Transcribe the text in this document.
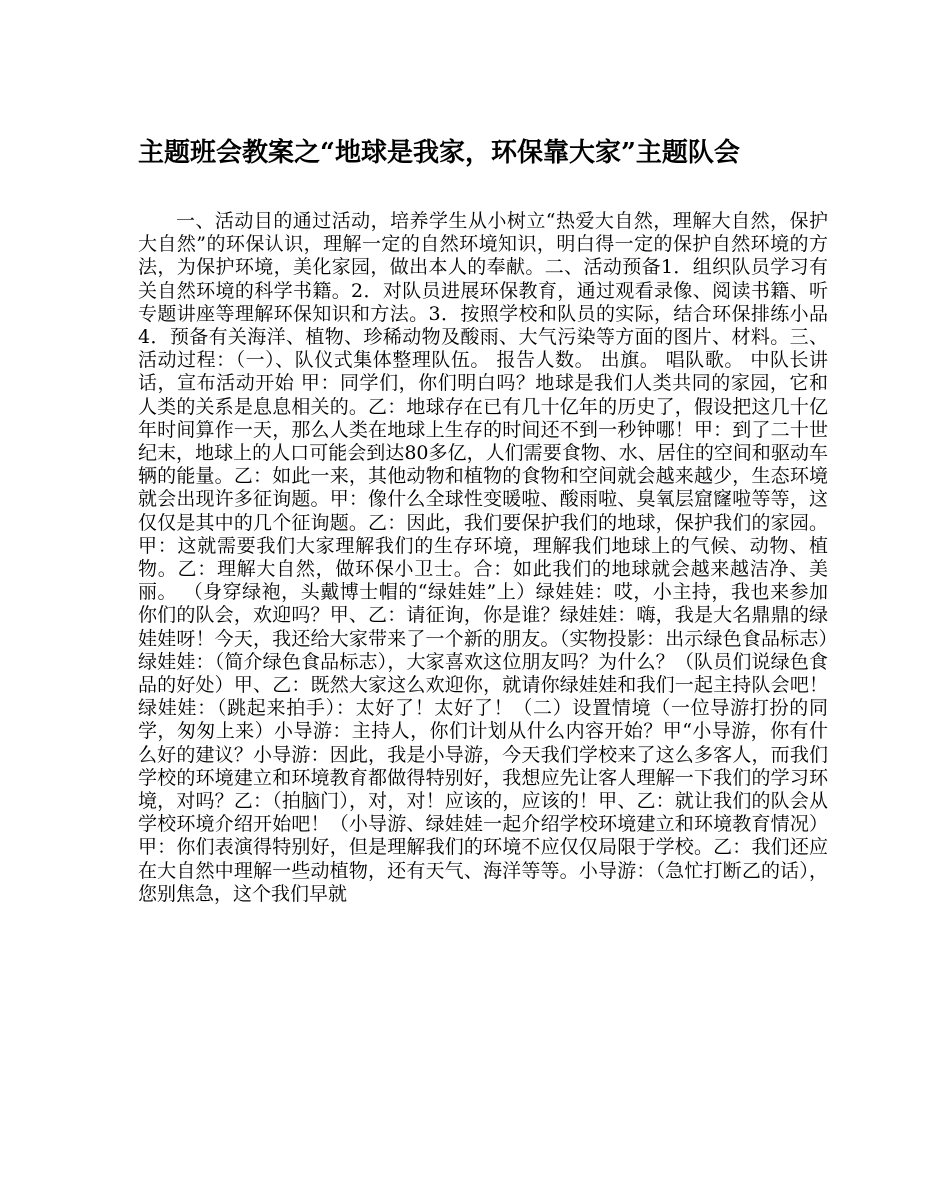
主题班会教案之“地球是我家，环保靠大家”主题队会

一、活动目的通过活动，培养学生从小树立“热爱大自然，理解大自然，保护大自然”的环保认识，理解一定的自然环境知识，明白得一定的保护自然环境的方法，为保护环境，美化家园，做出本人的奉献。二、活动预备1．组织队员学习有关自然环境的科学书籍。2．对队员进展环保教育，通过观看录像、阅读书籍、听专题讲座等理解环保知识和方法。3．按照学校和队员的实际，结合环保排练小品4．预备有关海洋、植物、珍稀动物及酸雨、大气污染等方面的图片、材料。三、活动过程：（一）、队仪式集体整理队伍。 报告人数。 出旗。 唱队歌。 中队长讲话，宣布活动开始 甲：同学们，你们明白吗？地球是我们人类共同的家园，它和人类的关系是息息相关的。乙：地球存在已有几十亿年的历史了，假设把这几十亿年时间算作一天，那么人类在地球上生存的时间还不到一秒钟哪！甲：到了二十世纪末，地球上的人口可能会到达80多亿，人们需要食物、水、居住的空间和驱动车辆的能量。乙：如此一来，其他动物和植物的食物和空间就会越来越少，生态环境就会出现许多征询题。甲：像什么全球性变暖啦、酸雨啦、臭氧层窟窿啦等等，这仅仅是其中的几个征询题。乙：因此，我们要保护我们的地球，保护我们的家园。甲：这就需要我们大家理解我们的生存环境，理解我们地球上的气候、动物、植物。乙：理解大自然，做环保小卫士。合：如此我们的地球就会越来越洁净、美丽。 （身穿绿袍，头戴博士帽的“绿娃娃”上）绿娃娃：哎，小主持，我也来参加你们的队会，欢迎吗？甲、乙：请征询，你是谁？绿娃娃：嗨，我是大名鼎鼎的绿娃娃呀！今天，我还给大家带来了一个新的朋友。（实物投影：出示绿色食品标志）绿娃娃：（简介绿色食品标志），大家喜欢这位朋友吗？为什么？（队员们说绿色食品的好处）甲、乙：既然大家这么欢迎你，就请你绿娃娃和我们一起主持队会吧！绿娃娃：（跳起来拍手）：太好了！太好了！（二）设置情境（一位导游打扮的同学，匆匆上来）小导游：主持人，你们计划从什么内容开始？甲“小导游，你有什么好的建议？小导游：因此，我是小导游，今天我们学校来了这么多客人，而我们学校的环境建立和环境教育都做得特别好，我想应先让客人理解一下我们的学习环境，对吗？乙：（拍脑门），对，对！应该的，应该的！甲、乙：就让我们的队会从学校环境介绍开始吧！（小导游、绿娃娃一起介绍学校环境建立和环境教育情况）甲：你们表演得特别好，但是理解我们的环境不应仅仅局限于学校。乙：我们还应在大自然中理解一些动植物，还有天气、海洋等等。小导游：（急忙打断乙的话），您别焦急，这个我们早就
